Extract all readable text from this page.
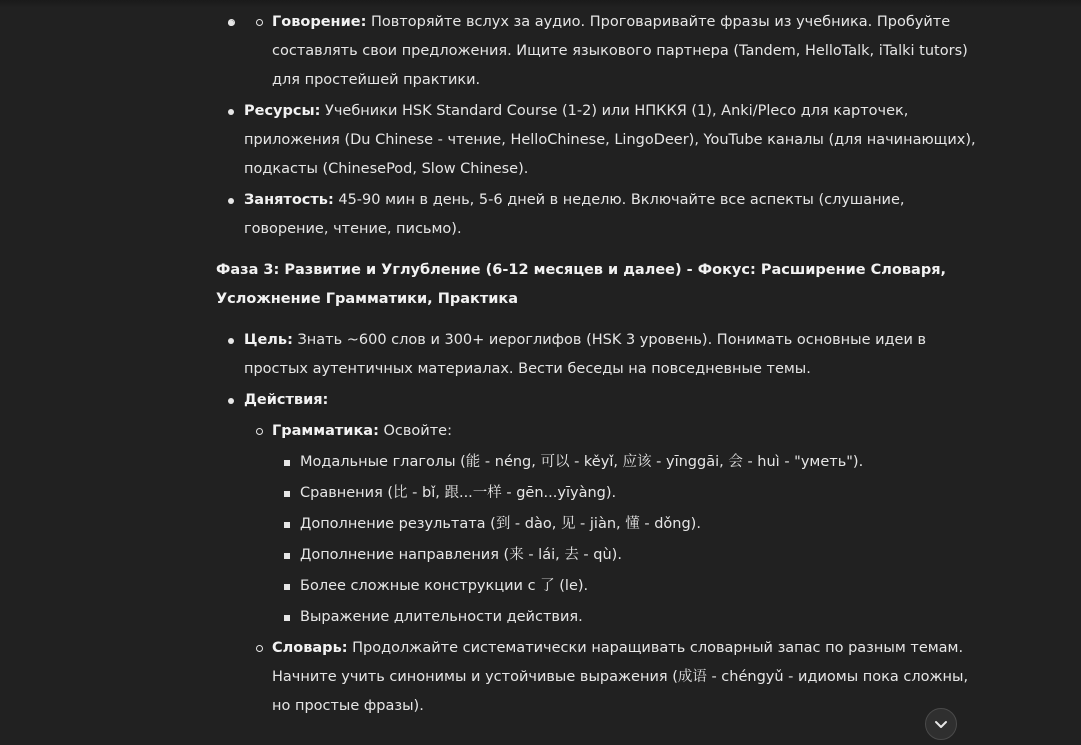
Говорение: Повторяйте вслух за аудио. Проговаривайте фразы из учебника. Пробуйте составлять свои предложения. Ищите языкового партнера (Tandem, HelloTalk, iTalki tutors) для простейшей практики.
Ресурсы: Учебники HSK Standard Course (1-2) или НПККЯ (1), Anki/Pleco для карточек, приложения (Du Chinese - чтение, HelloChinese, LingoDeer), YouTube каналы (для начинающих), подкасты (ChinesePod, Slow Chinese).
Занятость: 45-90 мин в день, 5-6 дней в неделю. Включайте все аспекты (слушание, говорение, чтение, письмо).
Фаза 3: Развитие и Углубление (6-12 месяцев и далее) - Фокус: Расширение Словаря, Усложнение Грамматики, Практика
Цель: Знать ~600 слов и 300+ иероглифов (HSK 3 уровень). Понимать основные идеи в простых аутентичных материалах. Вести беседы на повседневные темы.
Действия:
Грамматика: Освойте:
Модальные глаголы (能 - néng, 可以 - kěyǐ, 应该 - yīnggāi, 会 - huì - "уметь").
Сравнения (比 - bǐ, 跟...一样 - gēn...yīyàng).
Дополнение результата (到 - dào, 见 - jiàn, 懂 - dǒng).
Дополнение направления (来 - lái, 去 - qù).
Более сложные конструкции с 了 (le).
Выражение длительности действия.
Словарь: Продолжайте систематически наращивать словарный запас по разным темам. Начните учить синонимы и устойчивые выражения (成语 - chéngyǔ - идиомы пока сложны, но простые фразы).
